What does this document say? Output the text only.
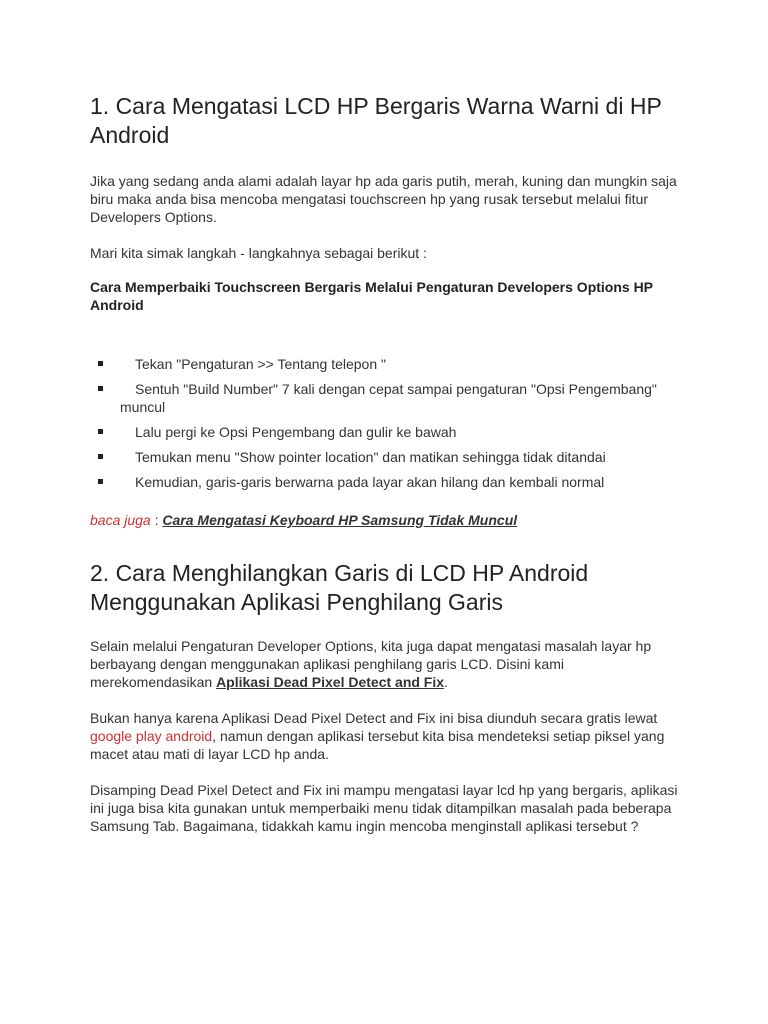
1. Cara Mengatasi LCD HP Bergaris Warna Warni di HP Android

Jika yang sedang anda alami adalah layar hp ada garis putih, merah, kuning dan mungkin saja biru maka anda bisa mencoba mengatasi touchscreen hp yang rusak tersebut melalui fitur Developers Options.

Mari kita simak langkah - langkahnya sebagai berikut :

Cara Memperbaiki Touchscreen Bergaris Melalui Pengaturan Developers Options HP Android

Tekan "Pengaturan >> Tentang telepon "
Sentuh "Build Number" 7 kali dengan cepat sampai pengaturan "Opsi Pengembang" muncul
Lalu pergi ke Opsi Pengembang dan gulir ke bawah
Temukan menu "Show pointer location" dan matikan sehingga tidak ditandai
Kemudian, garis-garis berwarna pada layar akan hilang dan kembali normal

baca juga : Cara Mengatasi Keyboard HP Samsung Tidak Muncul

2. Cara Menghilangkan Garis di LCD HP Android Menggunakan Aplikasi Penghilang Garis

Selain melalui Pengaturan Developer Options, kita juga dapat mengatasi masalah layar hp berbayang dengan menggunakan aplikasi penghilang garis LCD. Disini kami merekomendasikan Aplikasi Dead Pixel Detect and Fix.

Bukan hanya karena Aplikasi Dead Pixel Detect and Fix ini bisa diunduh secara gratis lewat google play android, namun dengan aplikasi tersebut kita bisa mendeteksi setiap piksel yang macet atau mati di layar LCD hp anda.

Disamping Dead Pixel Detect and Fix ini mampu mengatasi layar lcd hp yang bergaris, aplikasi ini juga bisa kita gunakan untuk memperbaiki menu tidak ditampilkan masalah pada beberapa Samsung Tab. Bagaimana, tidakkah kamu ingin mencoba menginstall aplikasi tersebut ?
